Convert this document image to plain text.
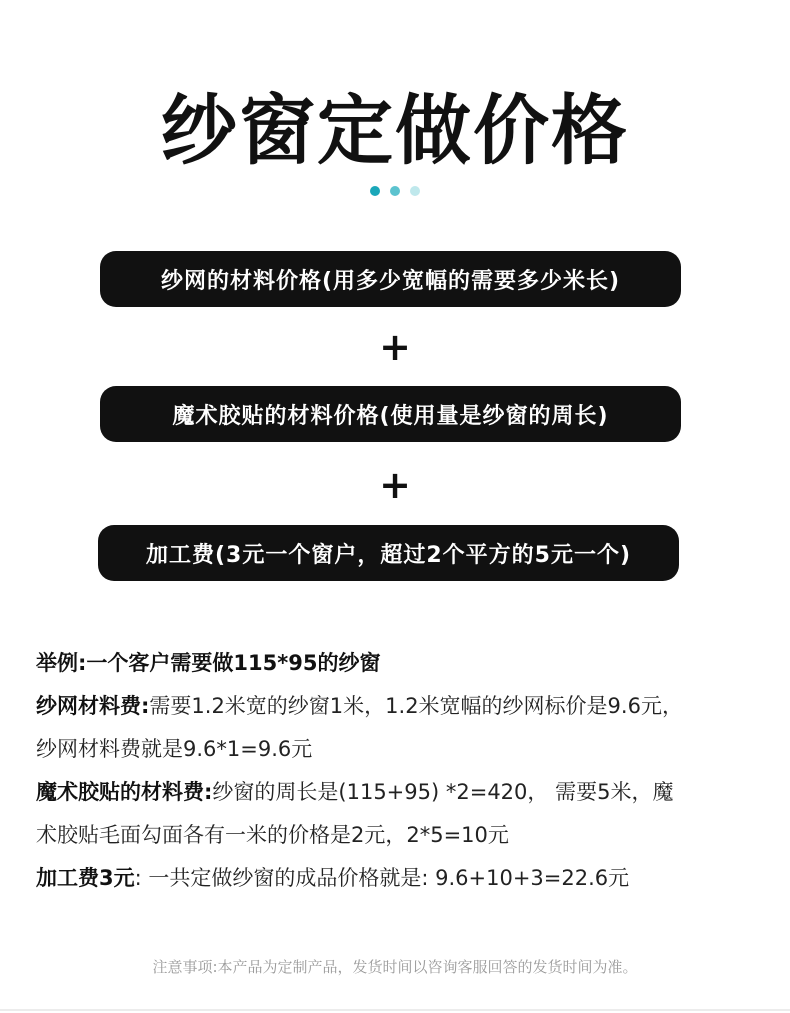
纱窗定做价格

纱网的材料价格(用多少宽幅的需要多少米长)
+
魔术胶贴的材料价格(使用量是纱窗的周长)
+
加工费(3元一个窗户，超过2个平方的5元一个)

举例:一个客户需要做115*95的纱窗

纱网材料费:需要1.2米宽的纱窗1米，1.2米宽幅的纱网标价是9.6元，

纱网材料费就是9.6*1=9.6元

魔术胶贴的材料费:纱窗的周长是(115+95) *2=420， 需要5米，魔

术胶贴毛面勾面各有一米的价格是2元，2*5=10元

加工费3元: 一共定做纱窗的成品价格就是: 9.6+10+3=22.6元

注意事项:本产品为定制产品，发货时间以咨询客服回答的发货时间为准。
